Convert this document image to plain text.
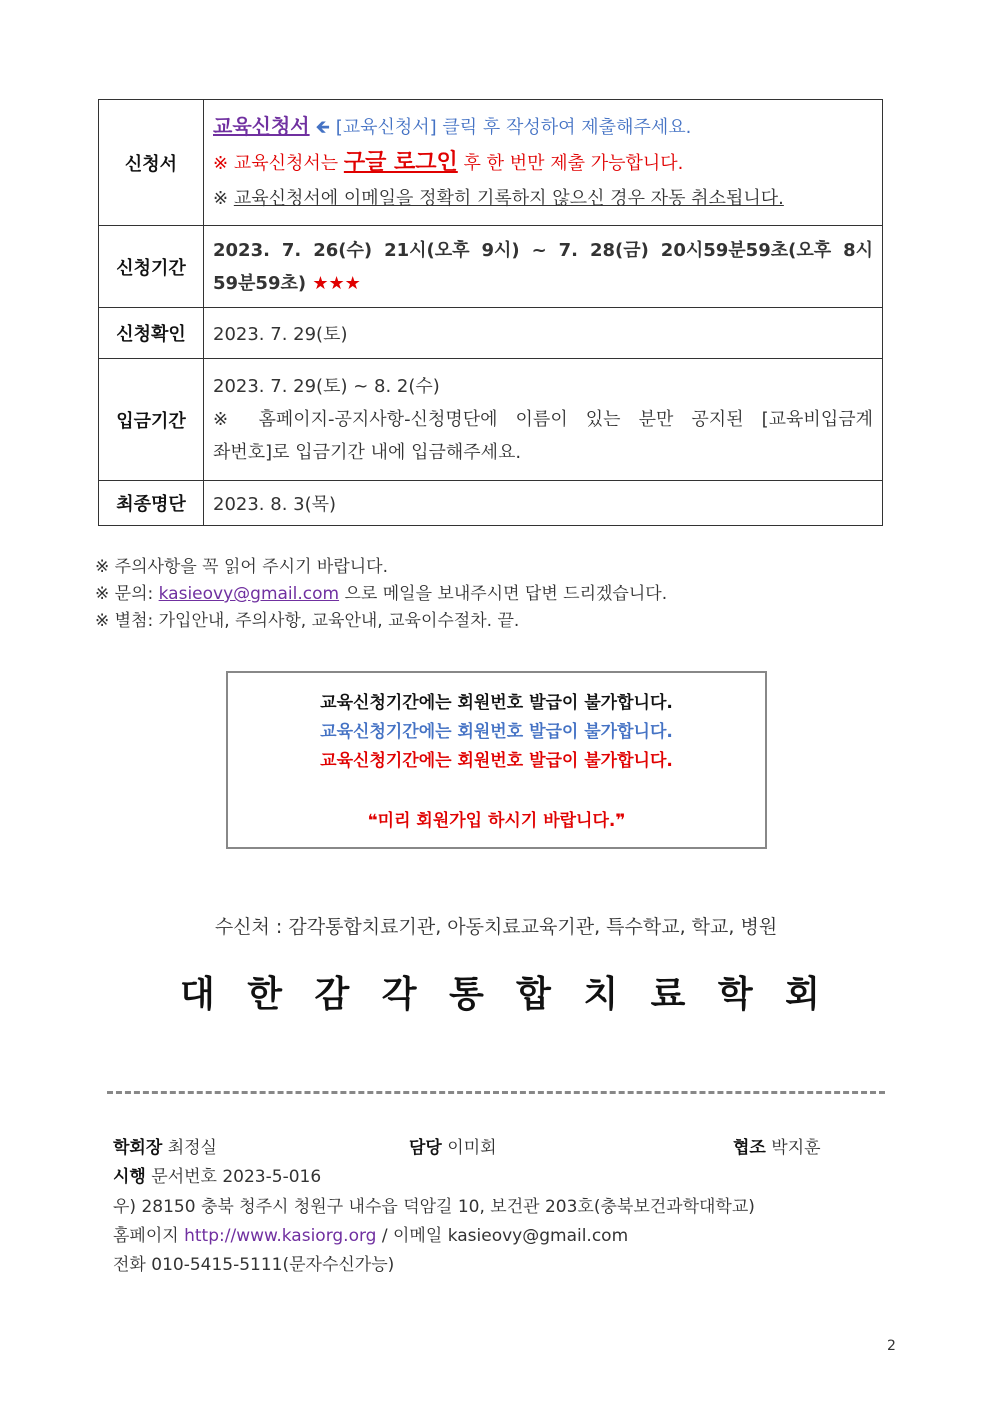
신청서	교육신청서 🡸 [교육신청서] 클릭 후 작성하여 제출해주세요.
※ 교육신청서는 구글 로그인 후 한 번만 제출 가능합니다.
※ 교육신청서에 이메일을 정확히 기록하지 않으신 경우 자동 취소됩니다.

신청기간	2023. 7. 26(수) 21시(오후 9시) ~ 7. 28(금) 20시59분59초(오후 8시
59분59초) ★★★

신청확인	2023. 7. 29(토)
입금기간	2023. 7. 29(토) ~ 8. 2(수)
※ 홈페이지-공지사항-신청명단에 이름이 있는 분만 공지된 [교육비입금계
좌번호]로 입금기간 내에 입금해주세요.

최종명단	2023. 8. 3(목)
※ 주의사항을 꼭 읽어 주시기 바랍니다.
※ 문의: kasieovy@gmail.com 으로 메일을 보내주시면 답변 드리겠습니다.
※ 별첨: 가입안내, 주의사항, 교육안내, 교육이수절차. 끝.
교육신청기간에는 회원번호 발급이 불가합니다.
교육신청기간에는 회원번호 발급이 불가합니다.
교육신청기간에는 회원번호 발급이 불가합니다.
❝미리 회원가입 하시기 바랍니다.❞
수신처 : 감각통합치료기관, 아동치료교육기관, 특수학교, 학교, 병원
대 한 감 각 통 합 치 료 학 회
학회장 최정실	담당 이미회	협조 박지훈
시행 문서번호 2023-5-016
우) 28150 충북 청주시 청원구 내수읍 덕암길 10, 보건관 203호(충북보건과학대학교)
홈페이지 http://www.kasiorg.org / 이메일 kasieovy@gmail.com
전화 010-5415-5111(문자수신가능)
2
